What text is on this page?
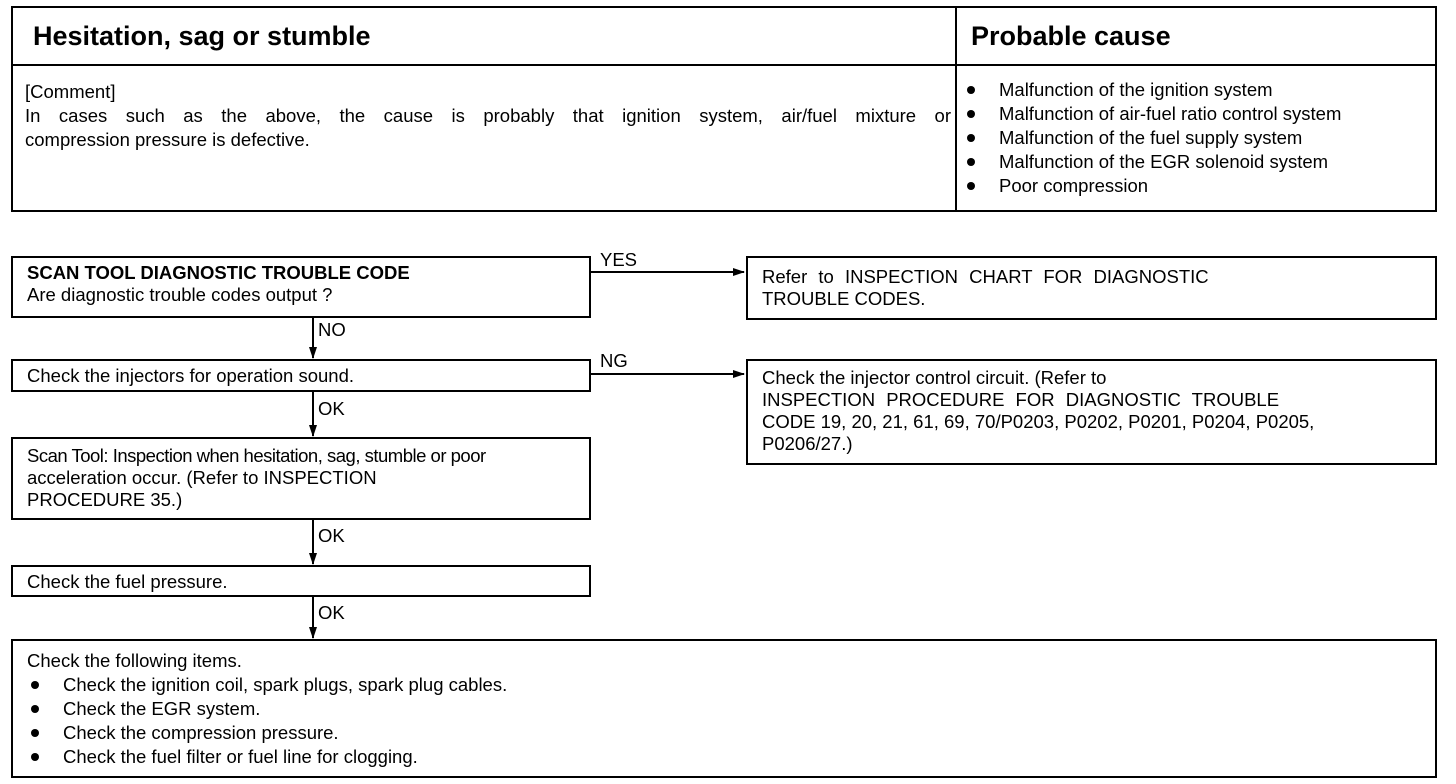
Hesitation, sag or stumble	Probable cause
[Comment]
In cases such as the above, the cause is probably that ignition system, air/fuel mixture or
compression pressure is defective.
Malfunction of the ignition system
Malfunction of air-fuel ratio control system
Malfunction of the fuel supply system
Malfunction of the EGR solenoid system
Poor compression
SCAN TOOL DIAGNOSTIC TROUBLE CODE
Are diagnostic trouble codes output ?
YES
Refer to INSPECTION CHART FOR DIAGNOSTIC
TROUBLE CODES.
NO
Check the injectors for operation sound.
NG
Check the injector control circuit. (Refer to
INSPECTION PROCEDURE FOR DIAGNOSTIC TROUBLE
CODE 19, 20, 21, 61, 69, 70/P0203, P0202, P0201, P0204, P0205,
P0206/27.)
OK
Scan Tool: Inspection when hesitation, sag, stumble or poor
acceleration occur. (Refer to INSPECTION
PROCEDURE 35.)
OK
Check the fuel pressure.
OK
Check the following items.
Check the ignition coil, spark plugs, spark plug cables.
Check the EGR system.
Check the compression pressure.
Check the fuel filter or fuel line for clogging.
